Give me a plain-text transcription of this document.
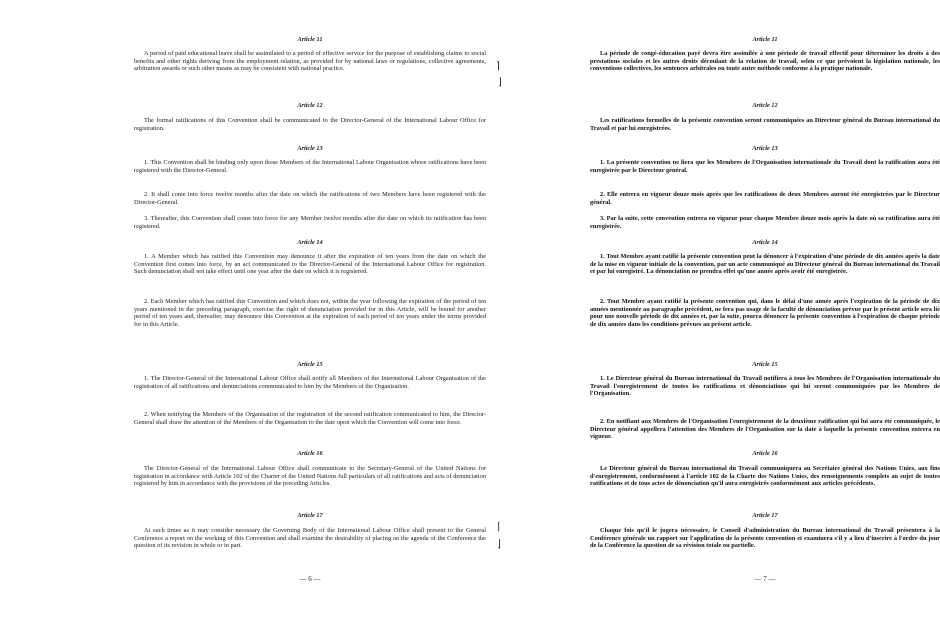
⌉
⌋
|
⌋
— 6 —
Article 11

A period of paid educational leave shall be assimilated to a period of effective service for the purpose of establishing claims to social benefits and other rights deriving from the employment relation, as provided for by national laws or regulations, collective agreements, arbitration awards or such other means as may be consistent with national practice.

Article 12

The formal ratifications of this Convention shall be communicated to the Director-General of the International Labour Office for registration.

Article 13

1. This Convention shall be binding only upon those Members of the International Labour Organisation whose ratifications have been registered with the Director-General.

2. It shall come into force twelve months after the date on which the ratifications of two Members have been registered with the Director-General.

3. Thereafter, this Convention shall come into force for any Member twelve months after the date on which its ratification has been registered.

Article 14

1. A Member which has ratified this Convention may denounce it after the expiration of ten years from the date on which the Convention first comes into force, by an act communicated to the Director-General of the International Labour Office for registration. Such denunciation shall not take effect until one year after the date on which it is registered.

2. Each Member which has ratified this Convention and which does not, within the year following the expiration of the period of ten years mentioned in the preceding paragraph, exercise the right of denunciation provided for in this Article, will be bound for another period of ten years and, thereafter, may denounce this Convention at the expiration of each period of ten years under the terms provided for in this Article.

Article 15

1. The Director-General of the International Labour Office shall notify all Members of the International Labour Organisation of the registration of all ratifications and denunciations communicated to him by the Members of the Organisation.

2. When notifying the Members of the Organisation of the registration of the second ratification communicated to him, the Director-General shall draw the attention of the Members of the Organisation to the date upon which the Convention will come into force.

Article 16

The Director-General of the International Labour Office shall communicate to the Secretary-General of the United Nations for registration in accordance with Article 102 of the Charter of the United Nations full particulars of all ratifications and acts of denunciation registered by him in accordance with the provisions of the preceding Articles.

Article 17

At such times as it may consider necessary the Governing Body of the International Labour Office shall present to the General Conference a report on the working of this Convention and shall examine the desirability of placing on the agenda of the Conference the question of its revision in whole or in part.

— 7 —
Article 11

La période de congé-éducation payé devra être assimilée à une période de travail effectif pour déterminer les droits à des prestations sociales et les autres droits découlant de la relation de travail, selon ce que prévoient la législation nationale, les conventions collectives, les sentences arbitrales ou toute autre méthode conforme à la pratique nationale.

Article 12

Les ratifications formelles de la présente convention seront communiquées au Directeur général du Bureau international du Travail et par lui enregistrées.

Article 13

1. La présente convention ne liera que les Membres de l'Organisation internationale du Travail dont la ratification aura été enregistrée par le Directeur général.

2. Elle entrera en vigueur douze mois après que les ratifications de deux Membres auront été enregistrées par le Directeur général.

3. Par la suite, cette convention entrera en vigueur pour chaque Membre douze mois après la date où sa ratification aura été enregistrée.

Article 14

1. Tout Membre ayant ratifié la présente convention peut la dénoncer à l'expiration d'une période de dix années après la date de la mise en vigueur initiale de la convention, par un acte communiqué au Directeur général du Bureau international du Travail et par lui enregistré. La dénonciation ne prendra effet qu'une année après avoir été enregistrée.

2. Tout Membre ayant ratifié la présente convention qui, dans le délai d'une année après l'expiration de la période de dix années mentionnée au paragraphe précédent, ne fera pas usage de la faculté de dénonciation prévue par le présent article sera lié pour une nouvelle période de dix années et, par la suite, pourra dénoncer la présente convention à l'expiration de chaque période de dix années dans les conditions prévues au présent article.

Article 15

1. Le Directeur général du Bureau international du Travail notifiera à tous les Membres de l'Organisation internationale du Travail l'enregistrement de toutes les ratifications et dénonciations qui lui seront communiquées par les Membres de l'Organisation.

2. En notifiant aux Membres de l'Organisation l'enregistrement de la deuxième ratification qui lui aura été communiquée, le Directeur général appellera l'attention des Membres de l'Organisation sur la date à laquelle la présente convention entrera en vigueur.

Article 16

Le Directeur général du Bureau international du Travail communiquera au Secrétaire général des Nations Unies, aux fins d'enregistrement, conformément à l'article 102 de la Charte des Nations Unies, des renseignements complets au sujet de toutes ratifications et de tous actes de dénonciation qu'il aura enregistrés conformément aux articles précédents.

Article 17

Chaque fois qu'il le jugera nécessaire, le Conseil d'administration du Bureau international du Travail présentera à la Conférence générale un rapport sur l'application de la présente convention et examinera s'il y a lieu d'inscrire à l'ordre du jour de la Conférence la question de sa révision totale ou partielle.
